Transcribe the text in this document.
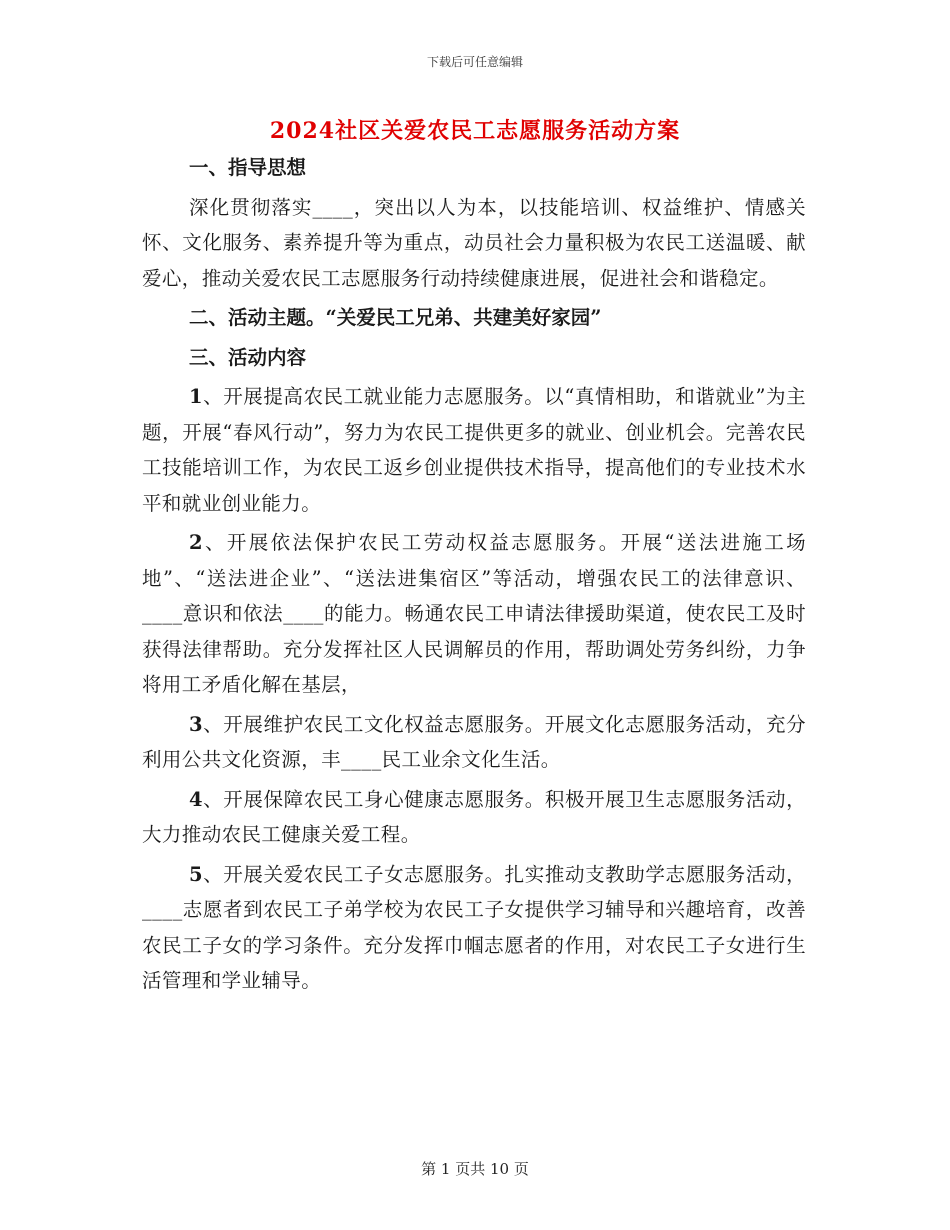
下载后可任意编辑
2024社区关爱农民工志愿服务活动方案
一、指导思想

深化贯彻落实____，突出以人为本，以技能培训、权益维护、情感关怀、文化服务、素养提升等为重点，动员社会力量积极为农民工送温暖、献爱心，推动关爱农民工志愿服务行动持续健康进展，促进社会和谐稳定。

二、活动主题。“关爱民工兄弟、共建美好家园”
三、活动内容

1、开展提高农民工就业能力志愿服务。以“真情相助，和谐就业”为主题，开展“春风行动”，努力为农民工提供更多的就业、创业机会。完善农民工技能培训工作，为农民工返乡创业提供技术指导，提高他们的专业技术水平和就业创业能力。

2、开展依法保护农民工劳动权益志愿服务。开展“送法进施工场地”、“送法进企业”、“送法进集宿区”等活动，增强农民工的法律意识、____意识和依法____的能力。畅通农民工申请法律援助渠道，使农民工及时获得法律帮助。充分发挥社区人民调解员的作用，帮助调处劳务纠纷，力争将用工矛盾化解在基层，

3、开展维护农民工文化权益志愿服务。开展文化志愿服务活动，充分利用公共文化资源，丰____民工业余文化生活。

4、开展保障农民工身心健康志愿服务。积极开展卫生志愿服务活动，大力推动农民工健康关爱工程。

5、开展关爱农民工子女志愿服务。扎实推动支教助学志愿服务活动，____志愿者到农民工子弟学校为农民工子女提供学习辅导和兴趣培育，改善农民工子女的学习条件。充分发挥巾帼志愿者的作用，对农民工子女进行生活管理和学业辅导。

第 1 页共 10 页
